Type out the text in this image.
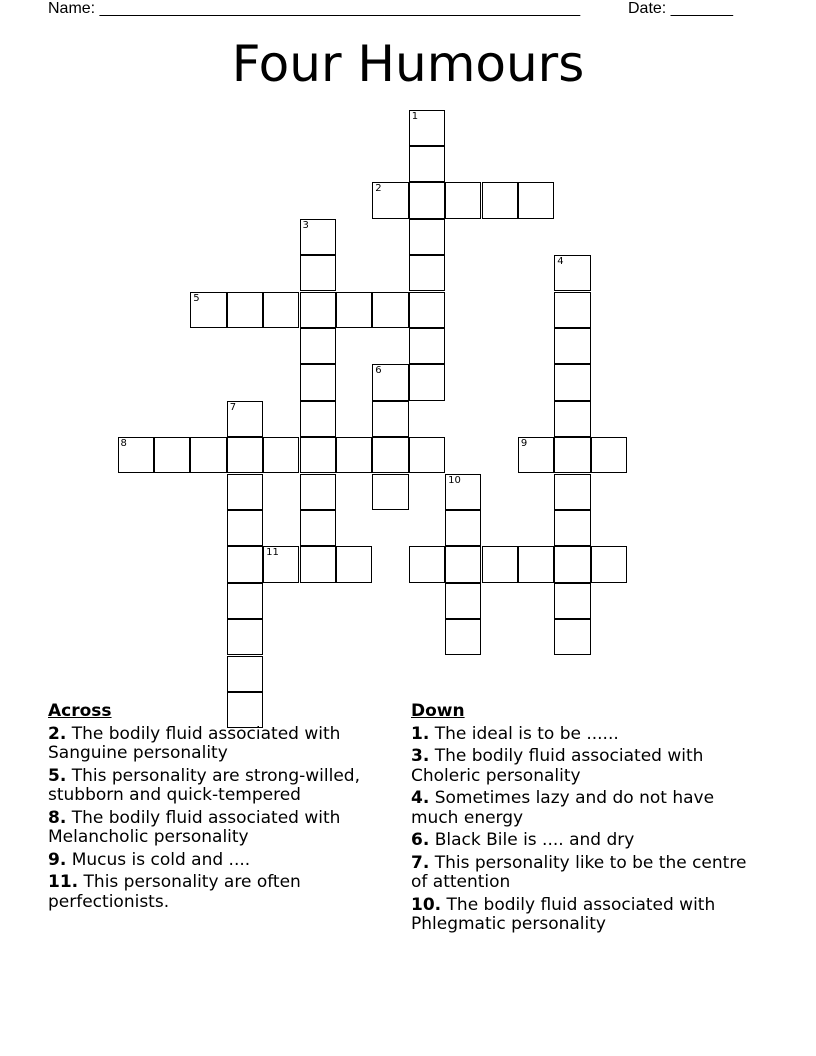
Name: ______________________________________________________	Date: _______
Four Humours
1
2
3
4
5
6
7
8	9
10
11
Across
2. The bodily fluid associated with Sanguine personality
5. This personality are strong-willed, stubborn and quick-tempered
8. The bodily fluid associated with Melancholic personality
9. Mucus is cold and ....
11. This personality are often perfectionists.
Down
1. The ideal is to be ......
3. The bodily fluid associated with Choleric personality
4. Sometimes lazy and do not have much energy
6. Black Bile is .... and dry
7. This personality like to be the centre of attention
10. The bodily fluid associated with Phlegmatic personality
